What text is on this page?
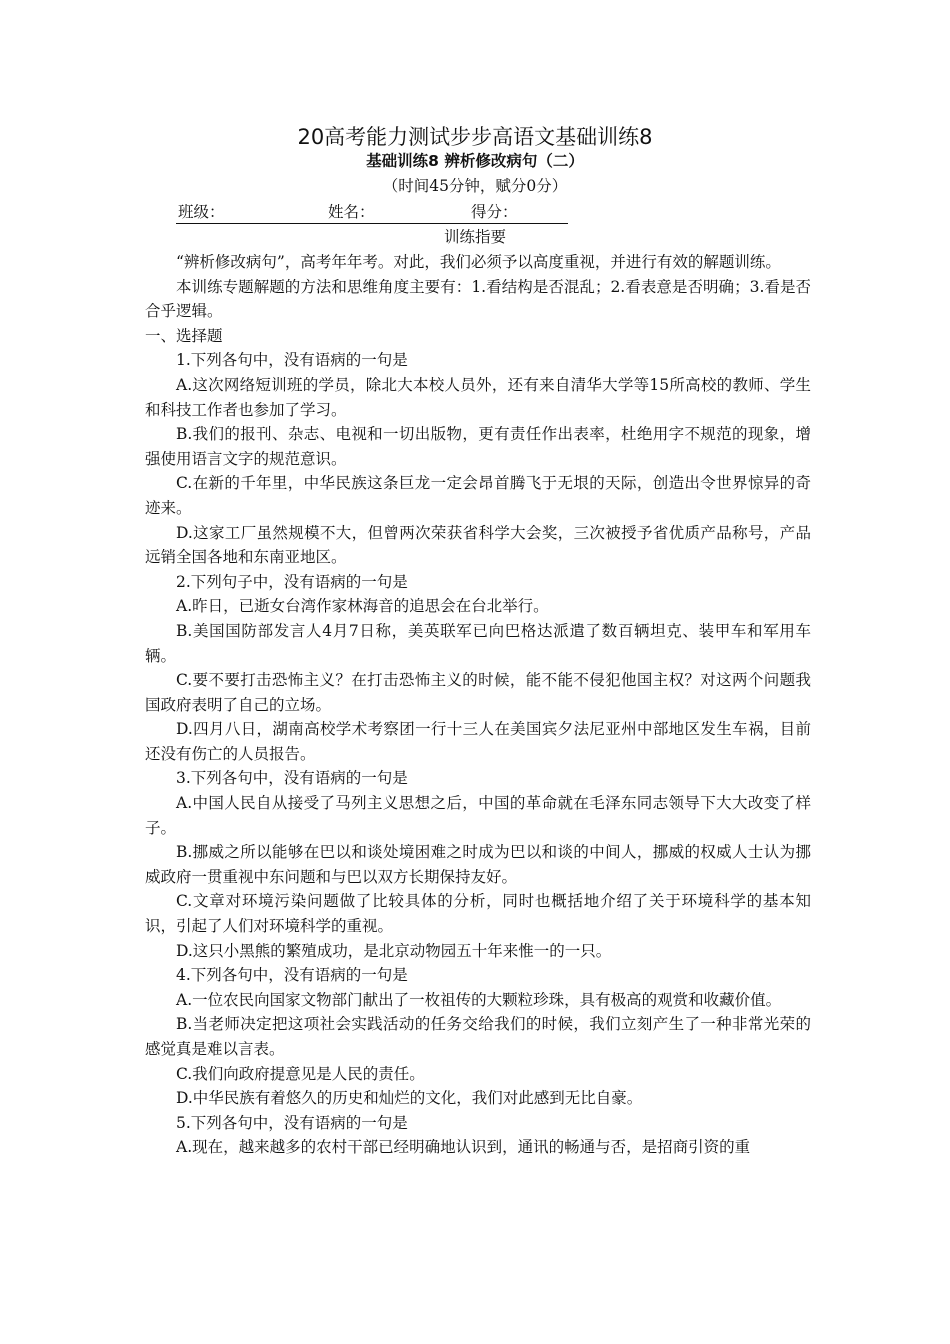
20高考能力测试步步高语文基础训练8
基础训练8 辨析修改病句（二）
（时间45分钟，赋分0分）
班级：	姓名：	得分：
训练指要

“辨析修改病句”，高考年年考。对此，我们必须予以高度重视，并进行有效的解题训练。

本训练专题解题的方法和思维角度主要有：1.看结构是否混乱；2.看表意是否明确；3.看是否合乎逻辑。

一、选择题

1.下列各句中，没有语病的一句是

A.这次网络短训班的学员，除北大本校人员外，还有来自清华大学等15所高校的教师、学生和科技工作者也参加了学习。

B.我们的报刊、杂志、电视和一切出版物，更有责任作出表率，杜绝用字不规范的现象，增强使用语言文字的规范意识。

C.在新的千年里，中华民族这条巨龙一定会昂首腾飞于无垠的天际，创造出令世界惊异的奇迹来。

D.这家工厂虽然规模不大，但曾两次荣获省科学大会奖，三次被授予省优质产品称号，产品远销全国各地和东南亚地区。

2.下列句子中，没有语病的一句是

A.昨日，已逝女台湾作家林海音的追思会在台北举行。

B.美国国防部发言人4月7日称，美英联军已向巴格达派遣了数百辆坦克、装甲车和军用车辆。

C.要不要打击恐怖主义？在打击恐怖主义的时候，能不能不侵犯他国主权？对这两个问题我国政府表明了自己的立场。

D.四月八日，湖南高校学术考察团一行十三人在美国宾夕法尼亚州中部地区发生车祸，目前还没有伤亡的人员报告。

3.下列各句中，没有语病的一句是

A.中国人民自从接受了马列主义思想之后，中国的革命就在毛泽东同志领导下大大改变了样子。

B.挪威之所以能够在巴以和谈处境困难之时成为巴以和谈的中间人，挪威的权威人士认为挪威政府一贯重视中东问题和与巴以双方长期保持友好。

C.文章对环境污染问题做了比较具体的分析，同时也概括地介绍了关于环境科学的基本知识，引起了人们对环境科学的重视。

D.这只小黑熊的繁殖成功，是北京动物园五十年来惟一的一只。

4.下列各句中，没有语病的一句是

A.一位农民向国家文物部门献出了一枚祖传的大颗粒珍珠，具有极高的观赏和收藏价值。

B.当老师决定把这项社会实践活动的任务交给我们的时候，我们立刻产生了一种非常光荣的感觉真是难以言表。

C.我们向政府提意见是人民的责任。

D.中华民族有着悠久的历史和灿烂的文化，我们对此感到无比自豪。

5.下列各句中，没有语病的一句是

A.现在，越来越多的农村干部已经明确地认识到，通讯的畅通与否，是招商引资的重
